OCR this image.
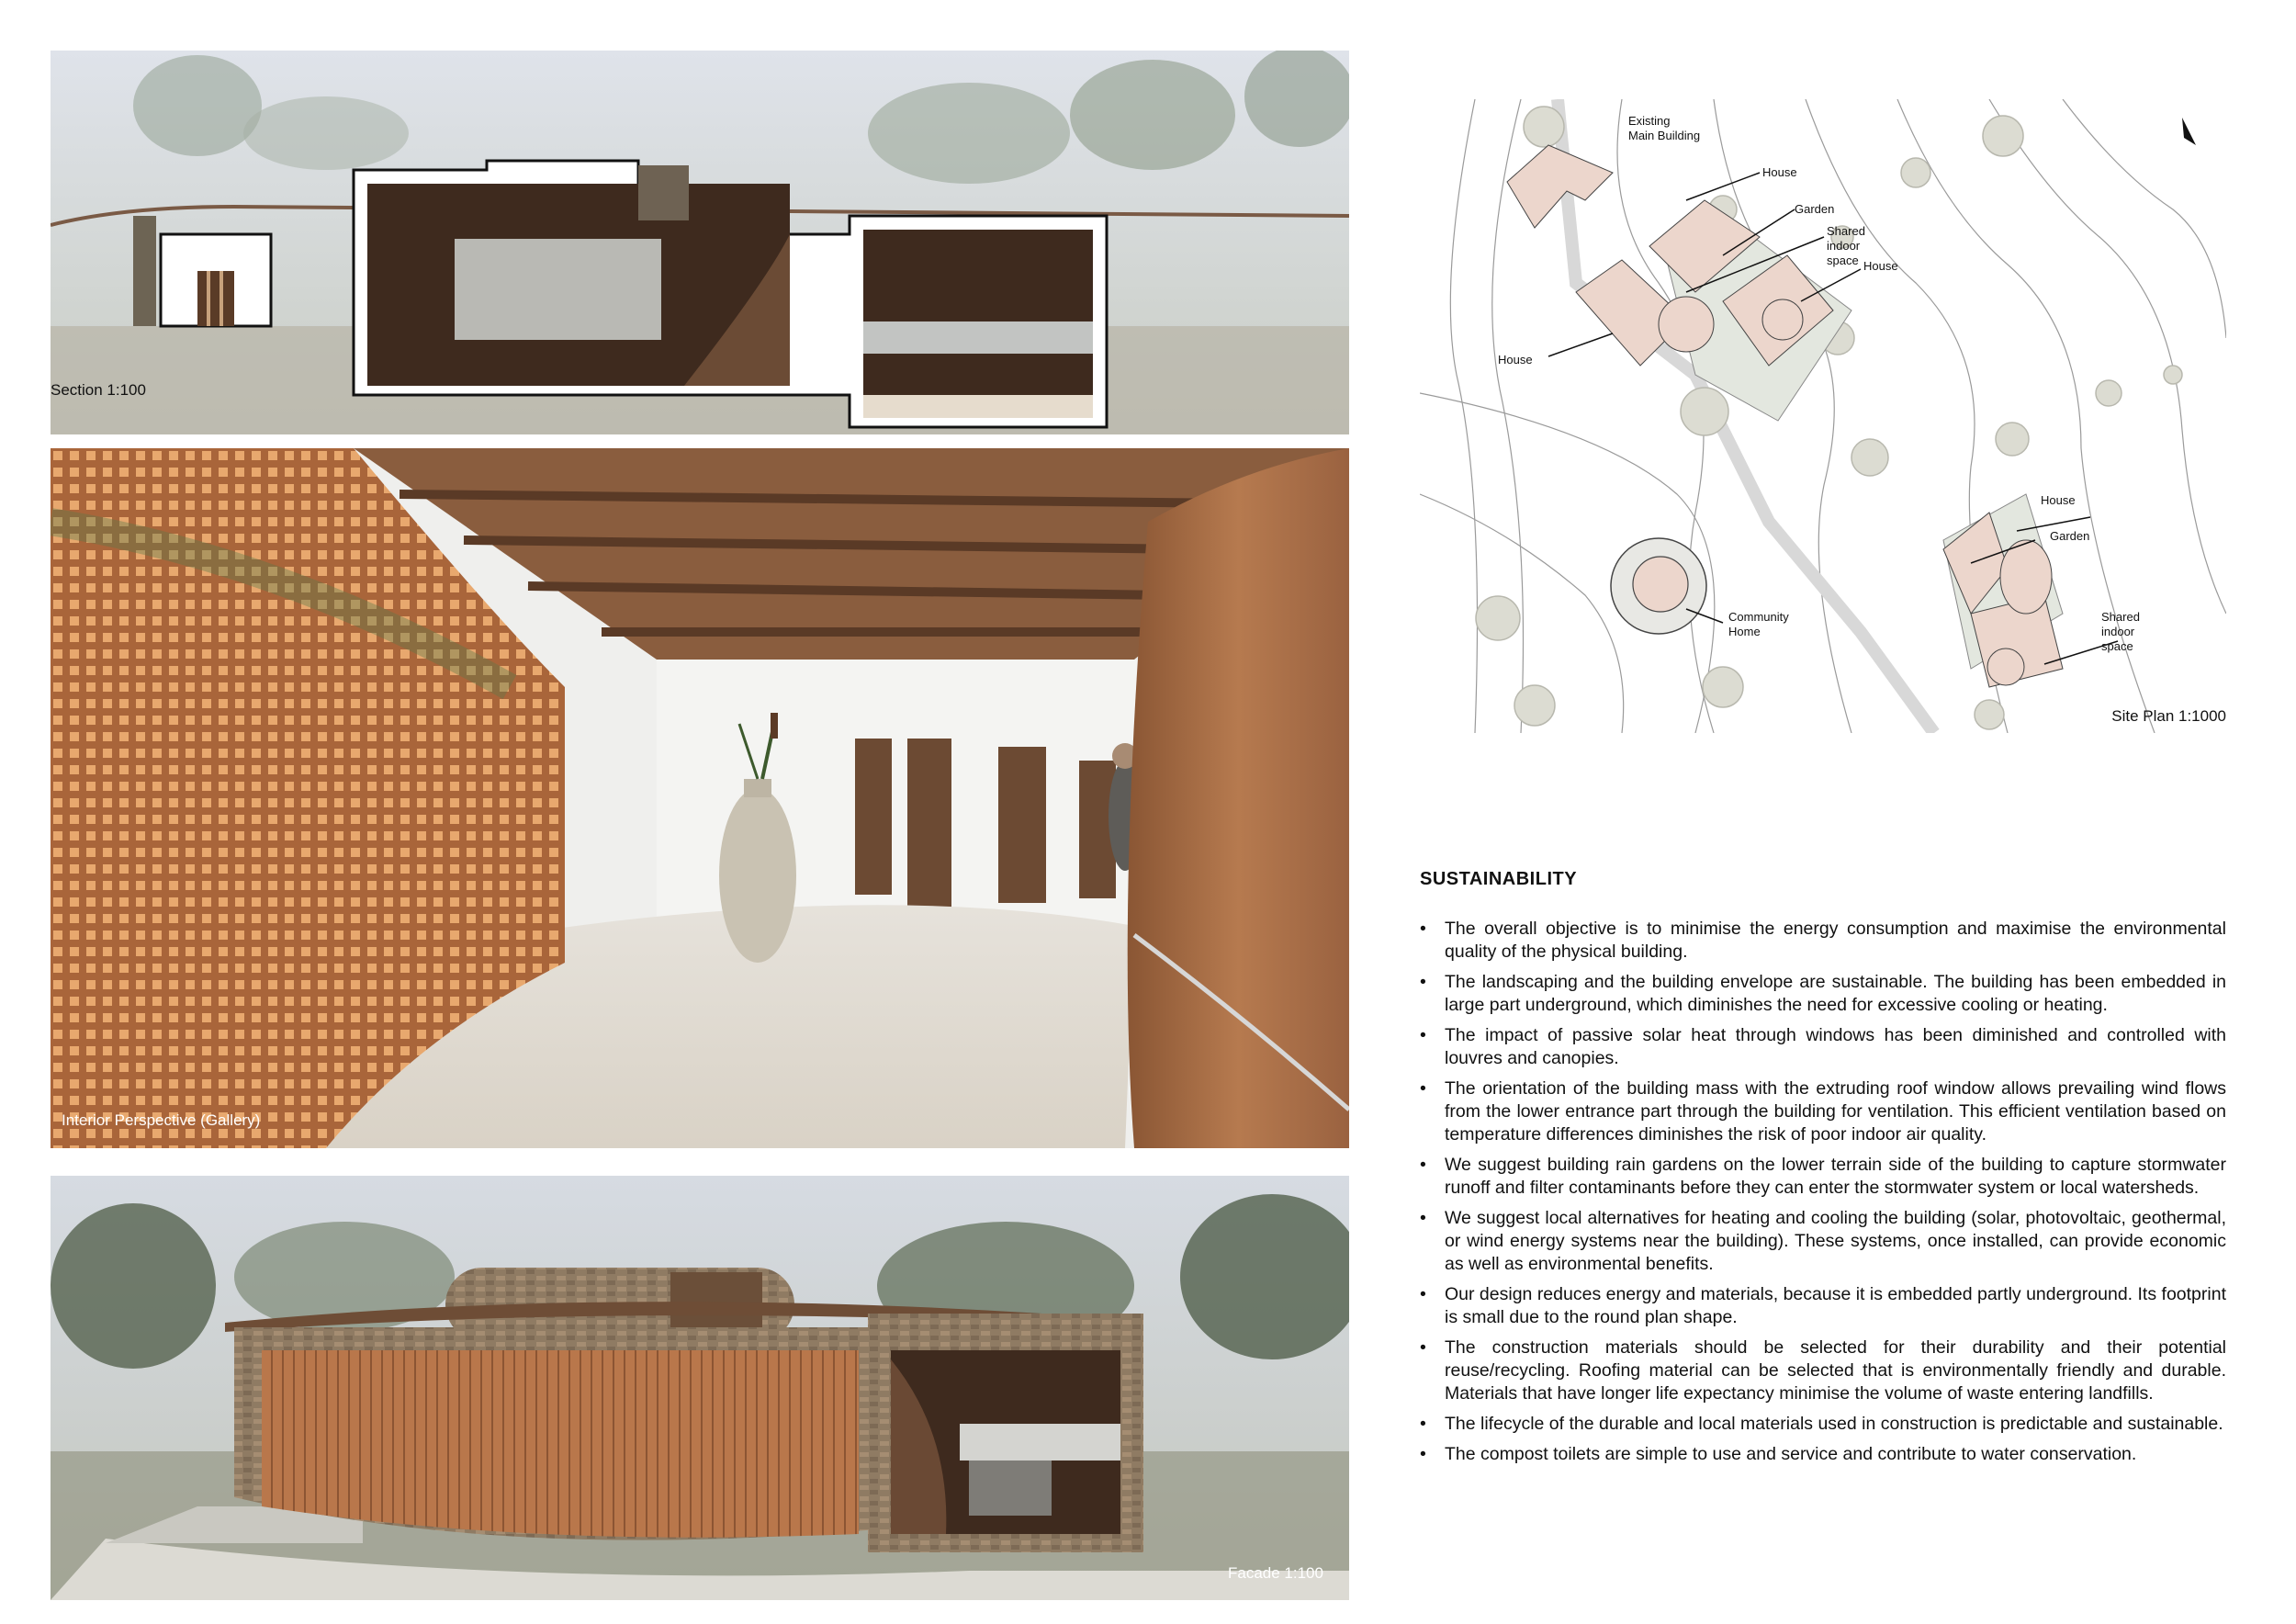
Section 1:100
Interior Perspective (Gallery)
Facade 1:100
Existing
Main Building
House
Garden
Shared
indoor
space House
House
House
Garden
Community
Home
Shared
indoor
space
Site Plan 1:1000
SUSTAINABILITY
• The overall objective is to minimise the energy consumption and maximise the environmental quality of the physical building.
• The landscaping and the building envelope are sustainable. The building has been embedded in large part underground, which diminishes the need for excessive cooling or heating.
• The impact of passive solar heat through windows has been diminished and controlled with louvres and canopies.
• The orientation of the building mass with the extruding roof window allows prevailing wind flows from the lower entrance part through the building for ventilation. This efficient ventilation based on temperature differences diminishes the risk of poor indoor air quality.
• We suggest building rain gardens on the lower terrain side of the building to capture stormwater runoff and filter contaminants before they can enter the stormwater system or local watersheds.
• We suggest local alternatives for heating and cooling the building (solar, photovoltaic, geothermal, or wind energy systems near the building). These systems, once installed, can provide economic as well as environmental benefits.
• Our design reduces energy and materials, because it is embedded partly underground. Its footprint is small due to the round plan shape.
• The construction materials should be selected for their durability and their potential reuse/recycling. Roofing material can be selected that is environmentally friendly and durable. Materials that have longer life expectancy minimise the volume of waste entering landfills.
• The lifecycle of the durable and local materials used in construction is predictable and sustainable.
• The compost toilets are simple to use and service and contribute to water conservation.
